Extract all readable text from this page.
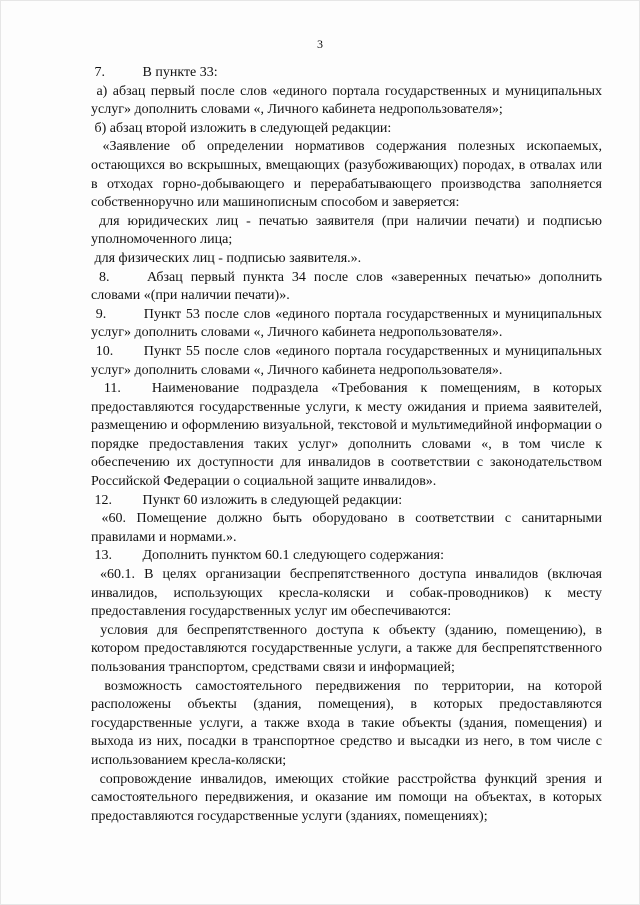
3

7.	В пункте 33:

а) абзац первый после слов «единого портала государственных и муниципальных услуг» дополнить словами «, Личного кабинета недропользователя»;

б) абзац второй изложить в следующей редакции:

«Заявление об определении нормативов содержания полезных ископаемых, остающихся во вскрышных, вмещающих (разубоживающих) породах, в отвалах или в отходах горно-добывающего и перерабатывающего производства заполняется собственноручно или машинописным способом и заверяется:

для юридических лиц - печатью заявителя (при наличии печати) и подписью уполномоченного лица;

для физических лиц - подписью заявителя.».

8.	Абзац первый пункта 34 после слов «заверенных печатью» дополнить словами «(при наличии печати)».

9.	Пункт 53 после слов «единого портала государственных и муниципальных услуг» дополнить словами «, Личного кабинета недропользователя».

10. Пункт 55 после слов «единого портала государственных и муниципальных услуг» дополнить словами «, Личного кабинета недропользователя».

11. Наименование подраздела «Требования к помещениям, в которых предоставляются государственные услуги, к месту ожидания и приема заявителей, размещению и оформлению визуальной, текстовой и мультимедийной информации о порядке предоставления таких услуг» дополнить словами «, в том числе к обеспечению их доступности для инвалидов в соответствии с законодательством Российской Федерации о социальной защите инвалидов».

12. Пункт 60 изложить в следующей редакции:

«60. Помещение должно быть оборудовано в соответствии с санитарными правилами и нормами.».

13. Дополнить пунктом 60.1 следующего содержания:

«60.1. В целях организации беспрепятственного доступа инвалидов (включая инвалидов, использующих кресла-коляски и собак-проводников) к месту предоставления государственных услуг им обеспечиваются:

условия для беспрепятственного доступа к объекту (зданию, помещению), в котором предоставляются государственные услуги, а также для беспрепятственного пользования транспортом, средствами связи и информацией;

возможность самостоятельного передвижения по территории, на которой расположены объекты (здания, помещения), в которых предоставляются государственные услуги, а также входа в такие объекты (здания, помещения) и выхода из них, посадки в транспортное средство и высадки из него, в том числе с использованием кресла-коляски;

сопровождение инвалидов, имеющих стойкие расстройства функций зрения и самостоятельного передвижения, и оказание им помощи на объектах, в которых предоставляются государственные услуги (зданиях, помещениях);
